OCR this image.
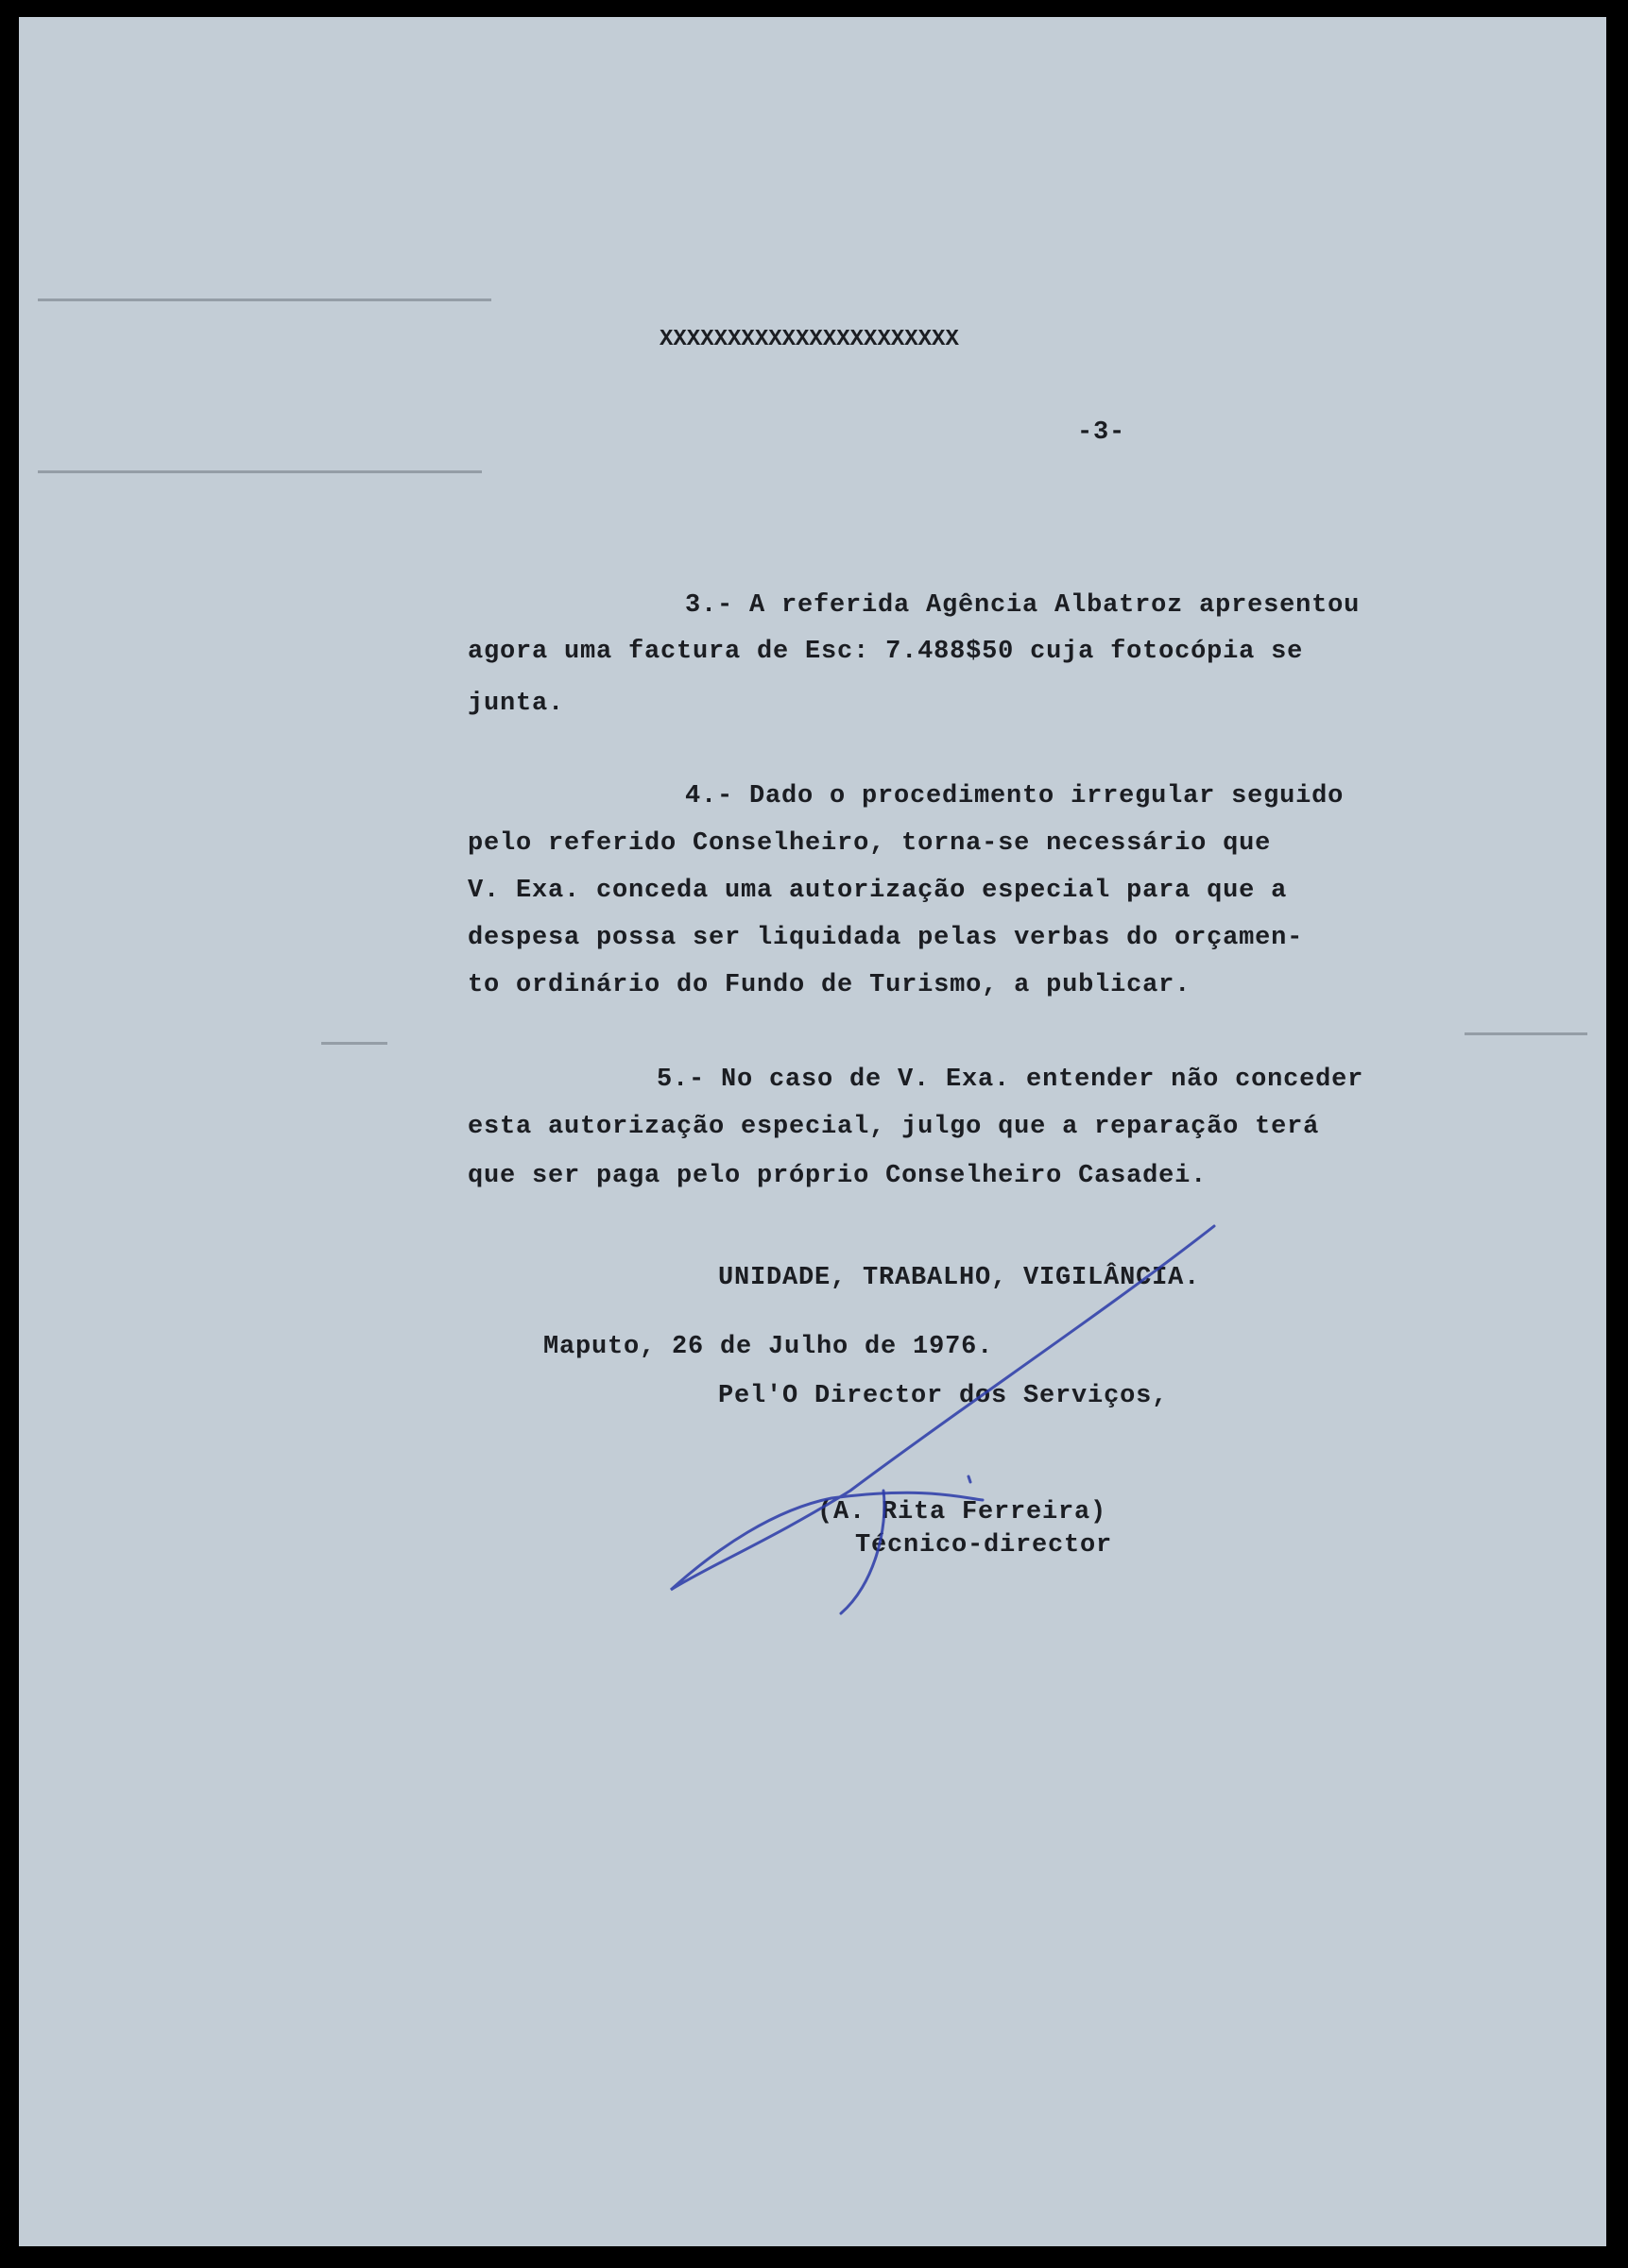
XXXXXXXXXXXXXXXXXXXXXX
-3-
3.- A referida Agência Albatroz apresentou
agora uma factura de Esc: 7.488$50 cuja fotocópia se
junta.
4.- Dado o procedimento irregular seguido
pelo referido Conselheiro, torna-se necessário que
V. Exa. conceda uma autorização especial para que a
despesa possa ser liquidada pelas verbas do orçamen-
to ordinário do Fundo de Turismo, a publicar.
5.- No caso de V. Exa. entender não conceder
esta autorização especial, julgo que a reparação terá
que ser paga pelo próprio Conselheiro Casadei.
UNIDADE, TRABALHO, VIGILÂNCIA.
Maputo, 26 de Julho de 1976.
Pel'O Director dos Serviços,
(A. Rita Ferreira)
Técnico-director
